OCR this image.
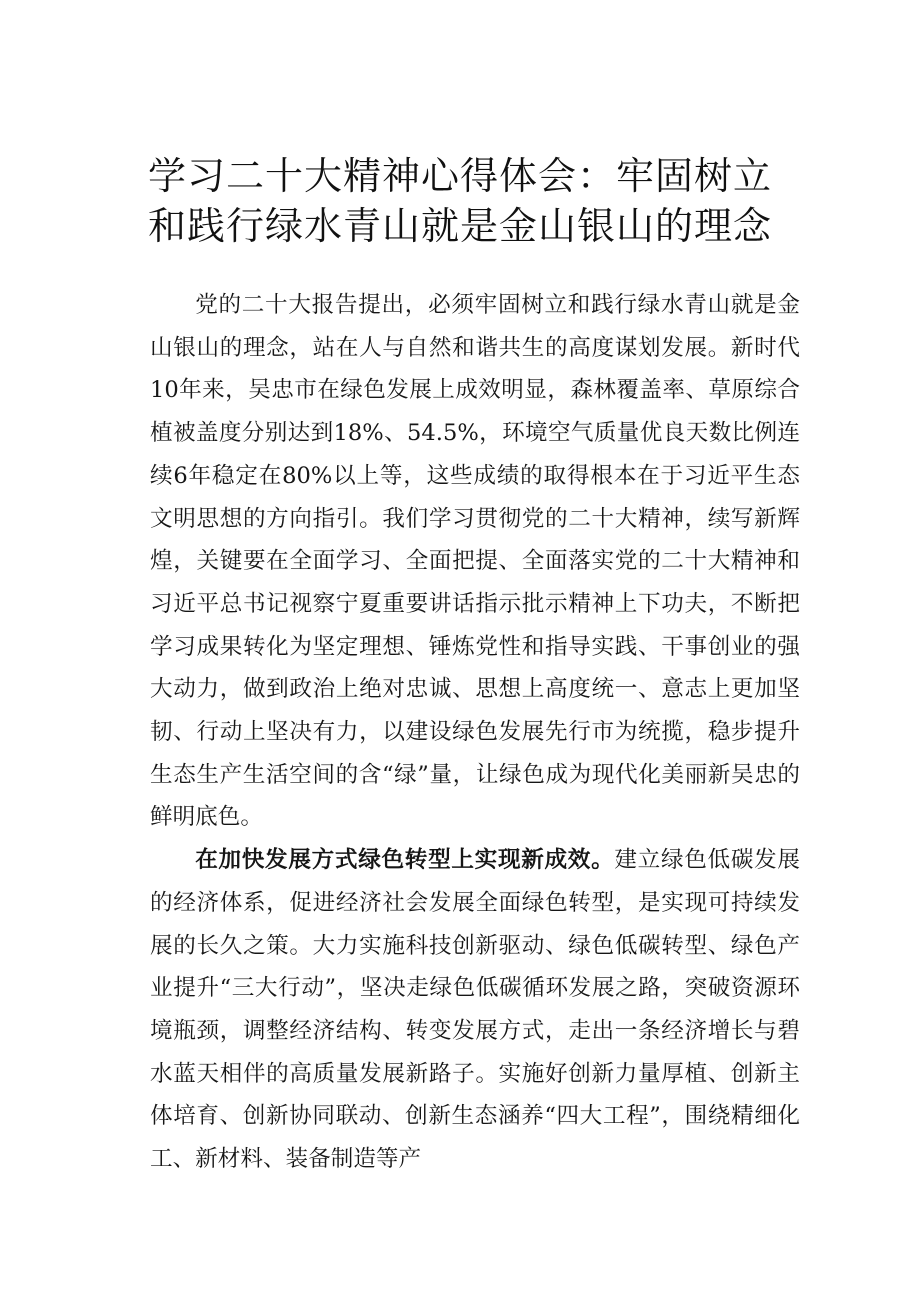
学习二十大精神心得体会：牢固树立
和践行绿水青山就是金山银山的理念

党的二十大报告提出，必须牢固树立和践行绿水青山就是金山银山的理念，站在人与自然和谐共生的高度谋划发展。新时代10年来，吴忠市在绿色发展上成效明显，森林覆盖率、草原综合植被盖度分别达到18%、54.5%，环境空气质量优良天数比例连续6年稳定在80%以上等，这些成绩的取得根本在于习近平生态文明思想的方向指引。我们学习贯彻党的二十大精神，续写新辉煌，关键要在全面学习、全面把提、全面落实党的二十大精神和习近平总书记视察宁夏重要讲话指示批示精神上下功夫，不断把学习成果转化为坚定理想、锤炼党性和指导实践、干事创业的强大动力，做到政治上绝对忠诚、思想上高度统一、意志上更加坚韧、行动上坚决有力，以建设绿色发展先行市为统揽，稳步提升生态生产生活空间的含“绿”量，让绿色成为现代化美丽新吴忠的鲜明底色。

在加快发展方式绿色转型上实现新成效。建立绿色低碳发展的经济体系，促进经济社会发展全面绿色转型，是实现可持续发展的长久之策。大力实施科技创新驱动、绿色低碳转型、绿色产业提升“三大行动”，坚决走绿色低碳循环发展之路，突破资源环境瓶颈，调整经济结构、转变发展方式，走出一条经济增长与碧水蓝天相伴的高质量发展新路子。实施好创新力量厚植、创新主体培育、创新协同联动、创新生态涵养“四大工程”，围绕精细化工、新材料、装备制造等产
